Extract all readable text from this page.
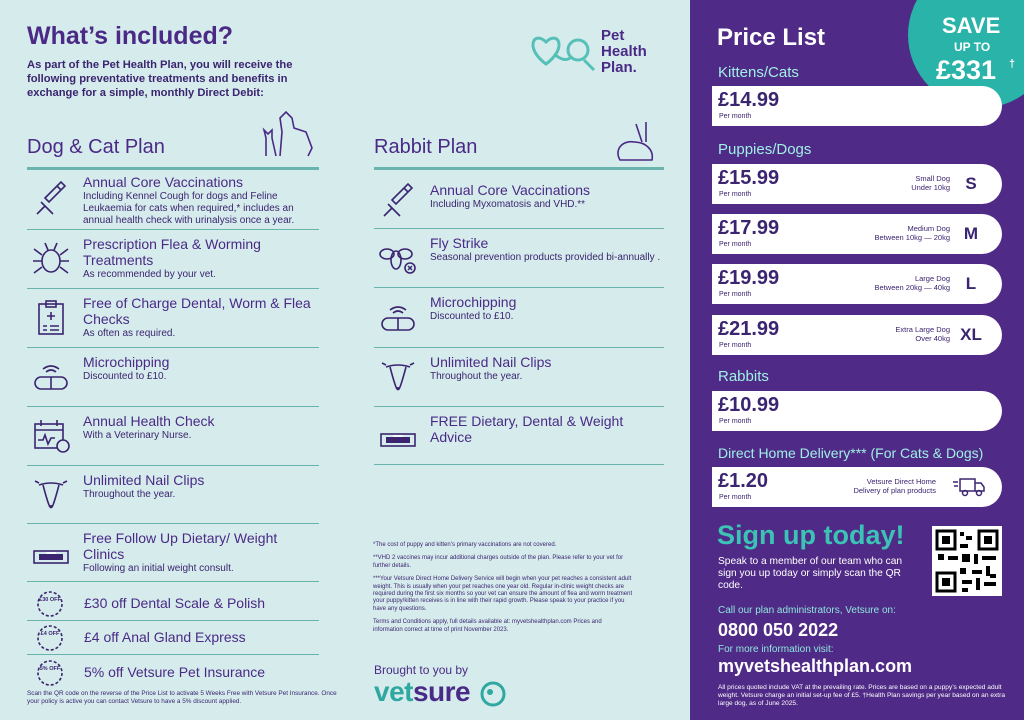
What’s included?
As part of the Pet Health Plan, you will receive the following preventative treatments and benefits in exchange for a simple, monthly Direct Debit:
Pet Health Plan.
Dog & Cat Plan
Annual Core Vaccinations
Including Kennel Cough for dogs and Feline Leukaemia for cats when required,* includes an annual health check with urinalysis once a year.
Prescription Flea & Worming Treatments
As recommended by your vet.
Free of Charge Dental, Worm & Flea Checks
As often as required.
Microchipping
Discounted to £10.
Annual Health Check
With a Veterinary Nurse.
Unlimited Nail Clips
Throughout the year.
Free Follow Up Dietary/ Weight Clinics
Following an initial weight consult.
£30 OFF £30 off Dental Scale & Polish
£4 OFF £4 off Anal Gland Express
5% OFF 5% off Vetsure Pet Insurance
Scan the QR code on the reverse of the Price List to activate 5 Weeks Free with Vetsure Pet Insurance. Once your policy is active you can contact Vetsure to have a 5% discount applied.
Rabbit Plan
Annual Core Vaccinations
Including Myxomatosis and VHD.**
Fly Strike
Seasonal prevention products provided bi-annually .
Microchipping
Discounted to £10.
Unlimited Nail Clips
Throughout the year.
FREE Dietary, Dental & Weight Advice

*The cost of puppy and kitten’s primary vaccinations are not covered.

**VHD 2 vaccines may incur additional charges outside of the plan. Please refer to your vet for further details.

***Your Vetsure Direct Home Delivery Service will begin when your pet reaches a consistent adult weight. This is usually when your pet reaches one year old. Regular in-clinic weight checks are required during the first six months so your vet can ensure the amount of flea and worm treatment your puppy/kitten receives is in line with their rapid growth. Please speak to your practice if you have any questions.

Terms and Conditions apply, full details available at: myvetshealthplan.com Prices and information correct at time of print November 2023.

Brought to you by
vetsure
SAVE
UP TO
£331 †
Price List
Kittens/Cats
£14.99
Per month
Puppies/Dogs
£15.99
Per month
Small Dog
Under 10kg S
£17.99
Per month
Medium Dog
Between 10kg — 20kg M
£19.99
Per month
Large Dog
Between 20kg — 40kg L
£21.99
Per month
Extra Large Dog
Over 40kg XL
Rabbits
£10.99
Per month
Direct Home Delivery*** (For Cats & Dogs)
£1.20
Per month
Vetsure Direct Home
Delivery of plan products
Sign up today!
Speak to a member of our team who can sign you up today or simply scan the QR code.
Call our plan administrators, Vetsure on:
0800 050 2022
For more information visit:
myvetshealthplan.com
All prices quoted include VAT at the prevailing rate. Prices are based on a puppy’s expected adult weight. Vetsure charge an initial set-up fee of £5. †Health Plan savings per year based on an extra large dog, as of June 2025.
